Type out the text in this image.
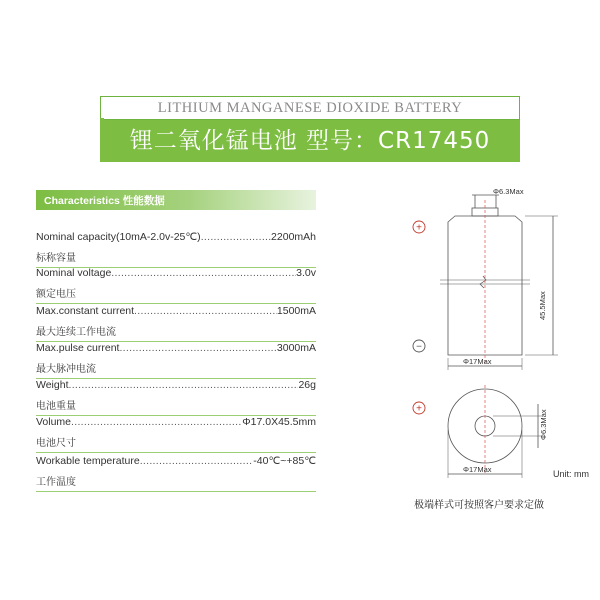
LITHIUM MANGANESE DIOXIDE BATTERY
锂二氧化锰电池 型号：CR17450
Characteristics 性能数据
Nominal capacity(10mA-2.0v-25℃) .....	2200mAh
标称容量
Nominal voltage .....	3.0v
额定电压
Max.constant current .....	1500mA
最大连续工作电流
Max.pulse current .....	3000mA
最大脉冲电流
Weight .....	26g
电池重量
Volume .....	Φ17.0X45.5mm
电池尺寸
Workable temperature .....	-40℃~+85℃
工作温度
Φ6.3Max
45.5Max
Φ17Max
+
−
+
Φ6.3Max
Φ17Max	Unit: mm
极端样式可按照客户要求定做
